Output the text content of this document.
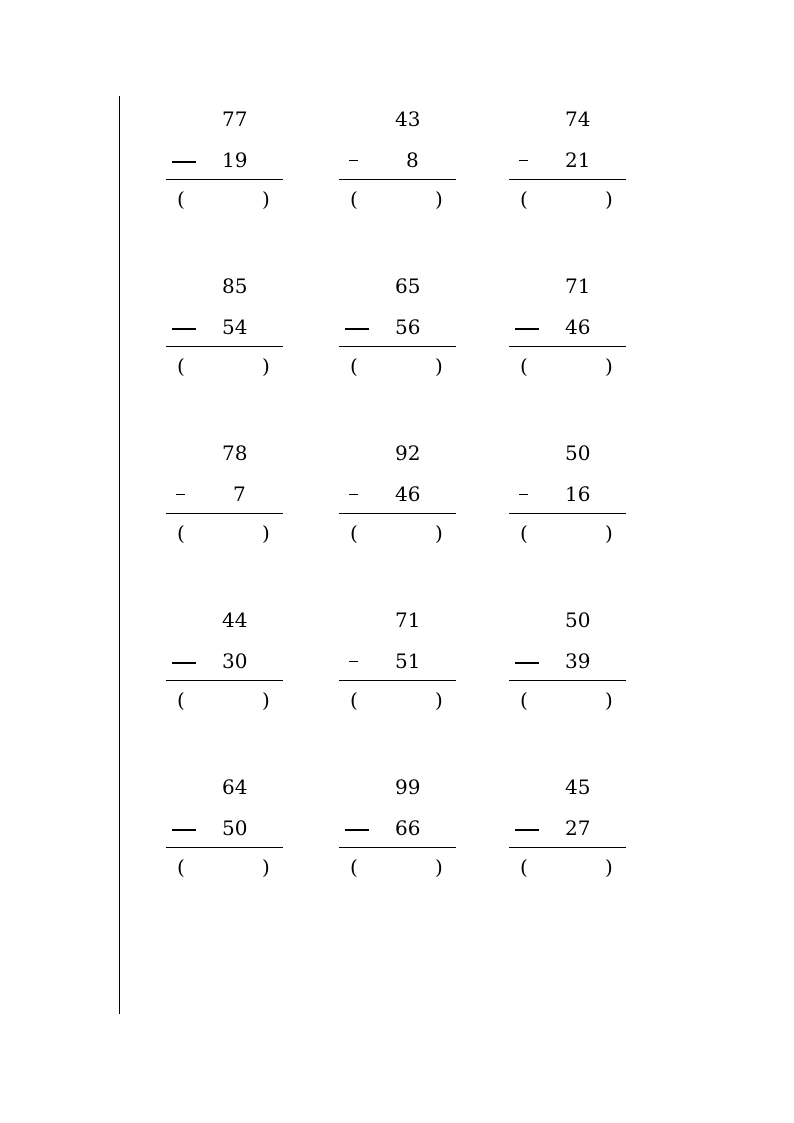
77
19
(	)
43
8
(	)
74
21
(	)
85
54
(	)
65
56
(	)
71
46
(	)
78
7
(	)
92
46
(	)
50
16
(	)
44
30
(	)
71
51
(	)
50
39
(	)
64
50
(	)
99
66
(	)
45
27
(	)
